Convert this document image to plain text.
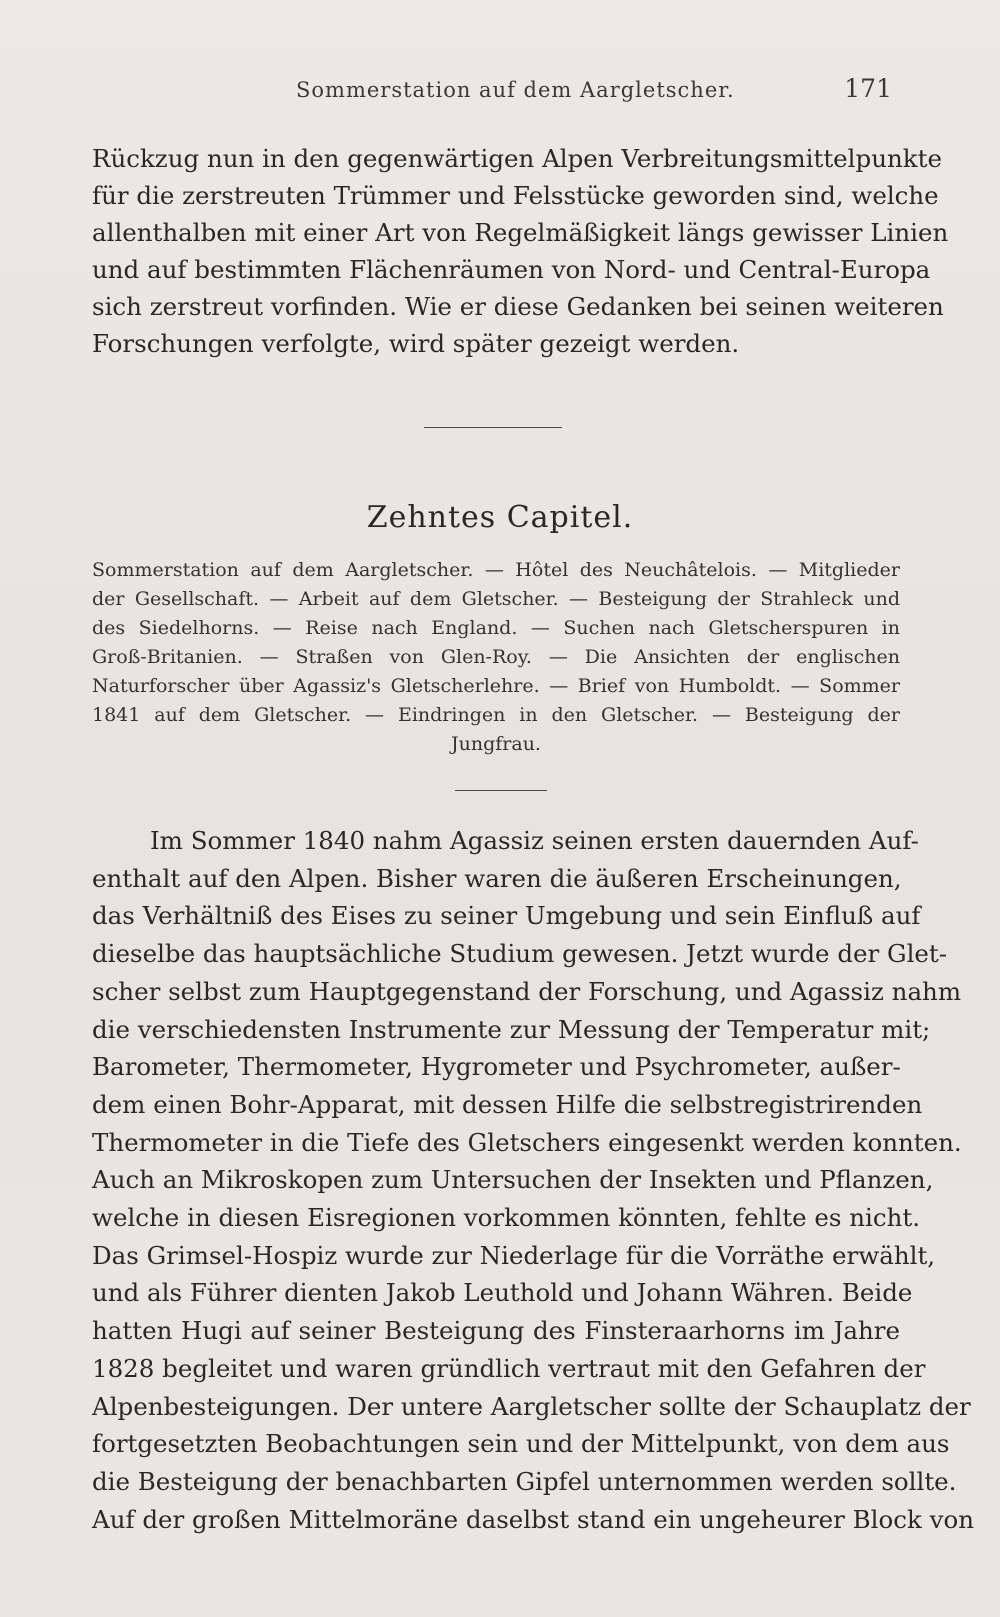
Sommerstation auf dem Aargletscher.	171
Rückzug nun in den gegenwärtigen Alpen Verbreitungsmittelpunkte
für die zerstreuten Trümmer und Felsstücke geworden sind, welche
allenthalben mit einer Art von Regelmäßigkeit längs gewisser Linien
und auf bestimmten Flächenräumen von Nord- und Central-Europa
sich zerstreut vorfinden. Wie er diese Gedanken bei seinen weiteren
Forschungen verfolgte, wird später gezeigt werden.
Zehntes Capitel.
Sommerstation auf dem Aargletscher. — Hôtel des Neuchâtelois. — Mitglieder
der Gesellschaft. — Arbeit auf dem Gletscher. — Besteigung der Strahleck und
des Siedelhorns. — Reise nach England. — Suchen nach Gletscherspuren in
Groß-Britanien. — Straßen von Glen-Roy. — Die Ansichten der englischen
Naturforscher über Agassiz's Gletscherlehre. — Brief von Humboldt. — Sommer
1841 auf dem Gletscher. — Eindringen in den Gletscher. — Besteigung der
Jungfrau.
Im Sommer 1840 nahm Agassiz seinen ersten dauernden Auf-
enthalt auf den Alpen. Bisher waren die äußeren Erscheinungen,
das Verhältniß des Eises zu seiner Umgebung und sein Einfluß auf
dieselbe das hauptsächliche Studium gewesen. Jetzt wurde der Glet-
scher selbst zum Hauptgegenstand der Forschung, und Agassiz nahm
die verschiedensten Instrumente zur Messung der Temperatur mit;
Barometer, Thermometer, Hygrometer und Psychrometer, außer-
dem einen Bohr-Apparat, mit dessen Hilfe die selbstregistrirenden
Thermometer in die Tiefe des Gletschers eingesenkt werden konnten.
Auch an Mikroskopen zum Untersuchen der Insekten und Pflanzen,
welche in diesen Eisregionen vorkommen könnten, fehlte es nicht.
Das Grimsel-Hospiz wurde zur Niederlage für die Vorräthe erwählt,
und als Führer dienten Jakob Leuthold und Johann Währen. Beide
hatten Hugi auf seiner Besteigung des Finsteraarhorns im Jahre
1828 begleitet und waren gründlich vertraut mit den Gefahren der
Alpenbesteigungen. Der untere Aargletscher sollte der Schauplatz der
fortgesetzten Beobachtungen sein und der Mittelpunkt, von dem aus
die Besteigung der benachbarten Gipfel unternommen werden sollte.
Auf der großen Mittelmoräne daselbst stand ein ungeheurer Block von
